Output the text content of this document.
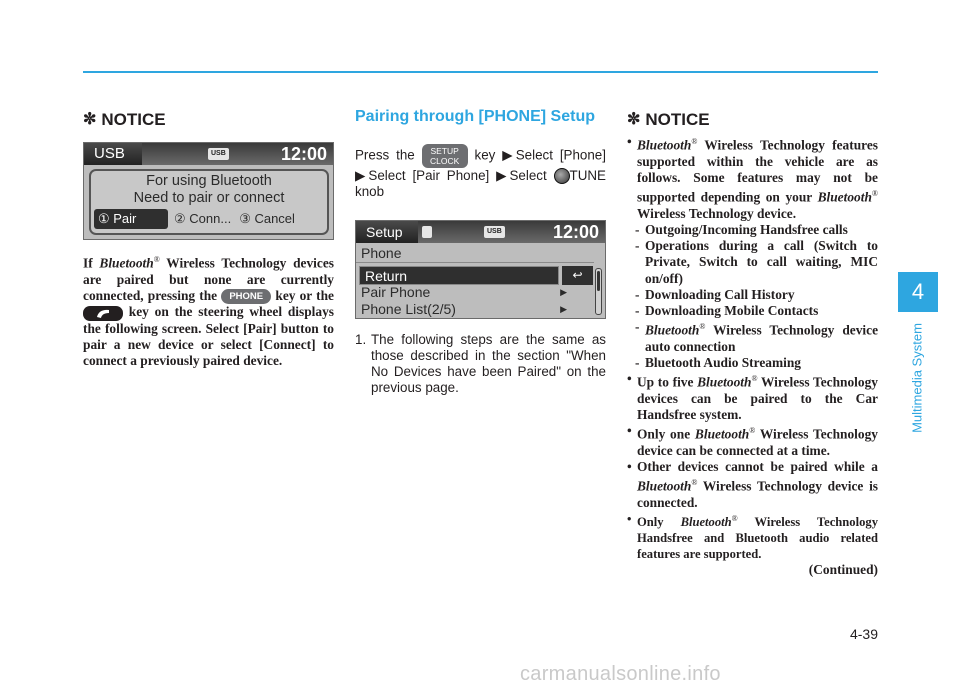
✼ NOTICE
USB	USB	12:00
For using Bluetooth
Need to pair or connect
① Pair	② Conn... ③ Cancel

If Bluetooth® Wireless Technology devices are paired but none are currently connected, pressing the PHONE key or the  key on the steering wheel displays the following screen. Select [Pair] button to pair a new device or select [Connect] to connect a previously paired device.

Pairing through [PHONE] Setup

Press the SETUP
CLOCK key ▶Select [Phone] ▶Select [Pair Phone] ▶Select TUNE knob

Setup	USB	12:00
Phone
Return	↩
Pair Phone	▶
Phone List(2/5)	▶
1. The following steps are the same as those described in the section "When No Devices have been Paired" on the previous page.
✼ NOTICE
• Bluetooth® Wireless Technology features supported within the vehicle are as follows. Some features may not be supported depending on your Bluetooth® Wireless Technology device.
- Outgoing/Incoming Handsfree calls
- Operations during a call (Switch to Private, Switch to call waiting, MIC on/off)
- Downloading Call History
- Downloading Mobile Contacts
- Bluetooth® Wireless Technology device auto connection
- Bluetooth Audio Streaming
• Up to five Bluetooth® Wireless Technology devices can be paired to the Car Handsfree system.
• Only one Bluetooth® Wireless Technology device can be connected at a time.
• Other devices cannot be paired while a Bluetooth® Wireless Technology device is connected.
• Only Bluetooth® Wireless Technology Handsfree and Bluetooth audio related features are supported.
(Continued)
4
Multimedia System
4-39
carmanualsonline.info
